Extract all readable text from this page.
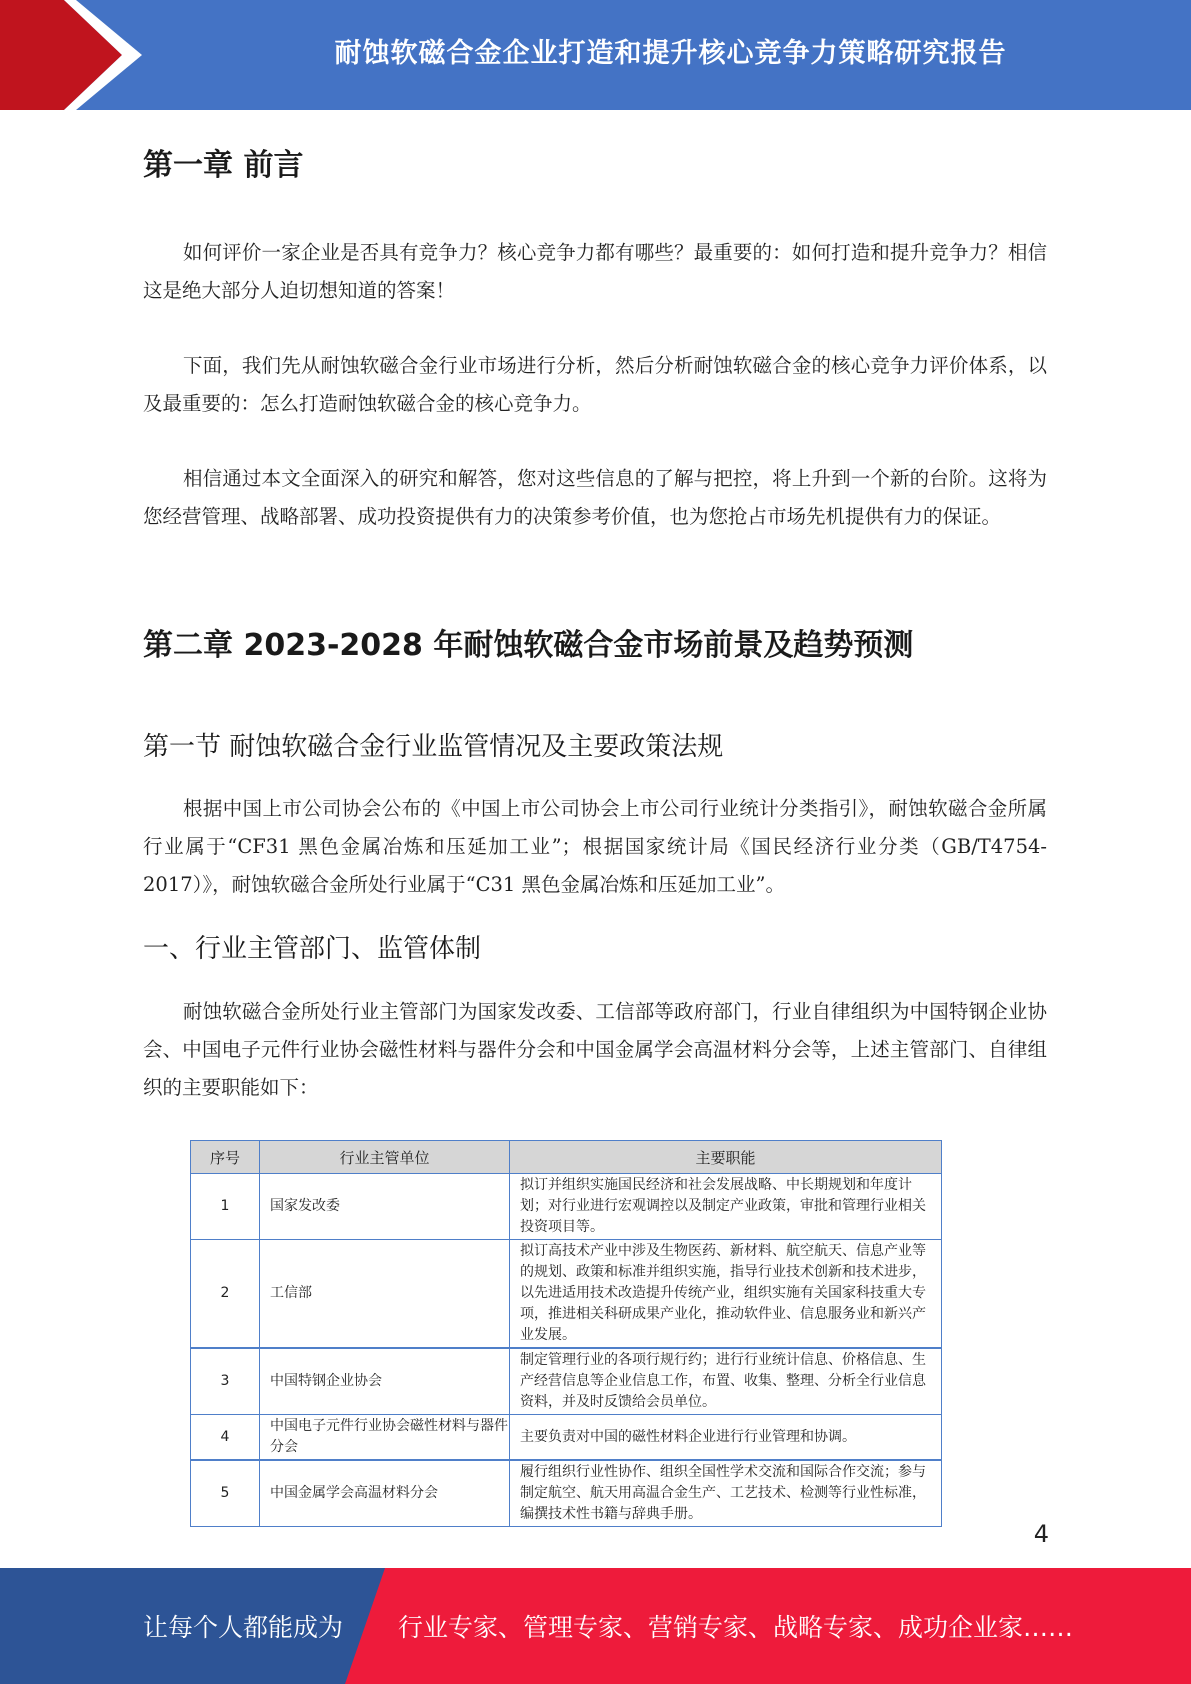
耐蚀软磁合金企业打造和提升核心竞争力策略研究报告
第一章 前言

如何评价一家企业是否具有竞争力？核心竞争力都有哪些？最重要的：如何打造和提升竞争力？相信这是绝大部分人迫切想知道的答案！

下面，我们先从耐蚀软磁合金行业市场进行分析，然后分析耐蚀软磁合金的核心竞争力评价体系，以及最重要的：怎么打造耐蚀软磁合金的核心竞争力。

相信通过本文全面深入的研究和解答，您对这些信息的了解与把控，将上升到一个新的台阶。这将为您经营管理、战略部署、成功投资提供有力的决策参考价值，也为您抢占市场先机提供有力的保证。

第二章 2023-2028 年耐蚀软磁合金市场前景及趋势预测
第一节 耐蚀软磁合金行业监管情况及主要政策法规

根据中国上市公司协会公布的《中国上市公司协会上市公司行业统计分类指引》，耐蚀软磁合金所属行业属于“CF31 黑色金属冶炼和压延加工业”；根据国家统计局《国民经济行业分类（GB/T4754-2017）》，耐蚀软磁合金所处行业属于“C31 黑色金属冶炼和压延加工业”。

一、行业主管部门、监管体制

耐蚀软磁合金所处行业主管部门为国家发改委、工信部等政府部门，行业自律组织为中国特钢企业协会、中国电子元件行业协会磁性材料与器件分会和中国金属学会高温材料分会等，上述主管部门、自律组织的主要职能如下：

序号	行业主管单位	主要职能
1	国家发改委	拟订并组织实施国民经济和社会发展战略、中长期规划和年度计划；对行业进行宏观调控以及制定产业政策，审批和管理行业相关投资项目等。
2	工信部	拟订高技术产业中涉及生物医药、新材料、航空航天、信息产业等的规划、政策和标准并组织实施，指导行业技术创新和技术进步，以先进适用技术改造提升传统产业，组织实施有关国家科技重大专项，推进相关科研成果产业化，推动软件业、信息服务业和新兴产业发展。
3	中国特钢企业协会	制定管理行业的各项行规行约；进行行业统计信息、价格信息、生产经营信息等企业信息工作，布置、收集、整理、分析全行业信息资料，并及时反馈给会员单位。
4	中国电子元件行业协会磁性材料与器件分会	主要负责对中国的磁性材料企业进行行业管理和协调。
5	中国金属学会高温材料分会	履行组织行业性协作、组织全国性学术交流和国际合作交流；参与制定航空、航天用高温合金生产、工艺技术、检测等行业性标准，编撰技术性书籍与辞典手册。
4
让每个人都能成为 行业专家、管理专家、营销专家、战略专家、成功企业家……
